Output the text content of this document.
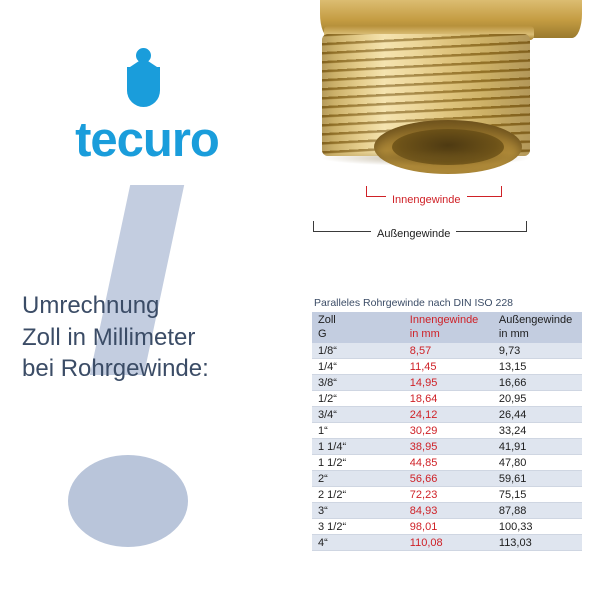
tecuro
Umrechnung
Zoll in Millimeter
bei Rohrgewinde:
Innengewinde
Außengewinde
Paralleles Rohrgewinde nach DIN ISO 228
Zoll	Innengewinde	Außengewinde
G	in mm	in mm
1/8“	8,57	9,73
1/4“	11,45	13,15
3/8“	14,95	16,66
1/2“	18,64	20,95
3/4“	24,12	26,44
1“	30,29	33,24
1 1/4“	38,95	41,91
1 1/2“	44,85	47,80
2“	56,66	59,61
2 1/2“	72,23	75,15
3“	84,93	87,88
3 1/2“	98,01	100,33
4“	110,08	113,03
